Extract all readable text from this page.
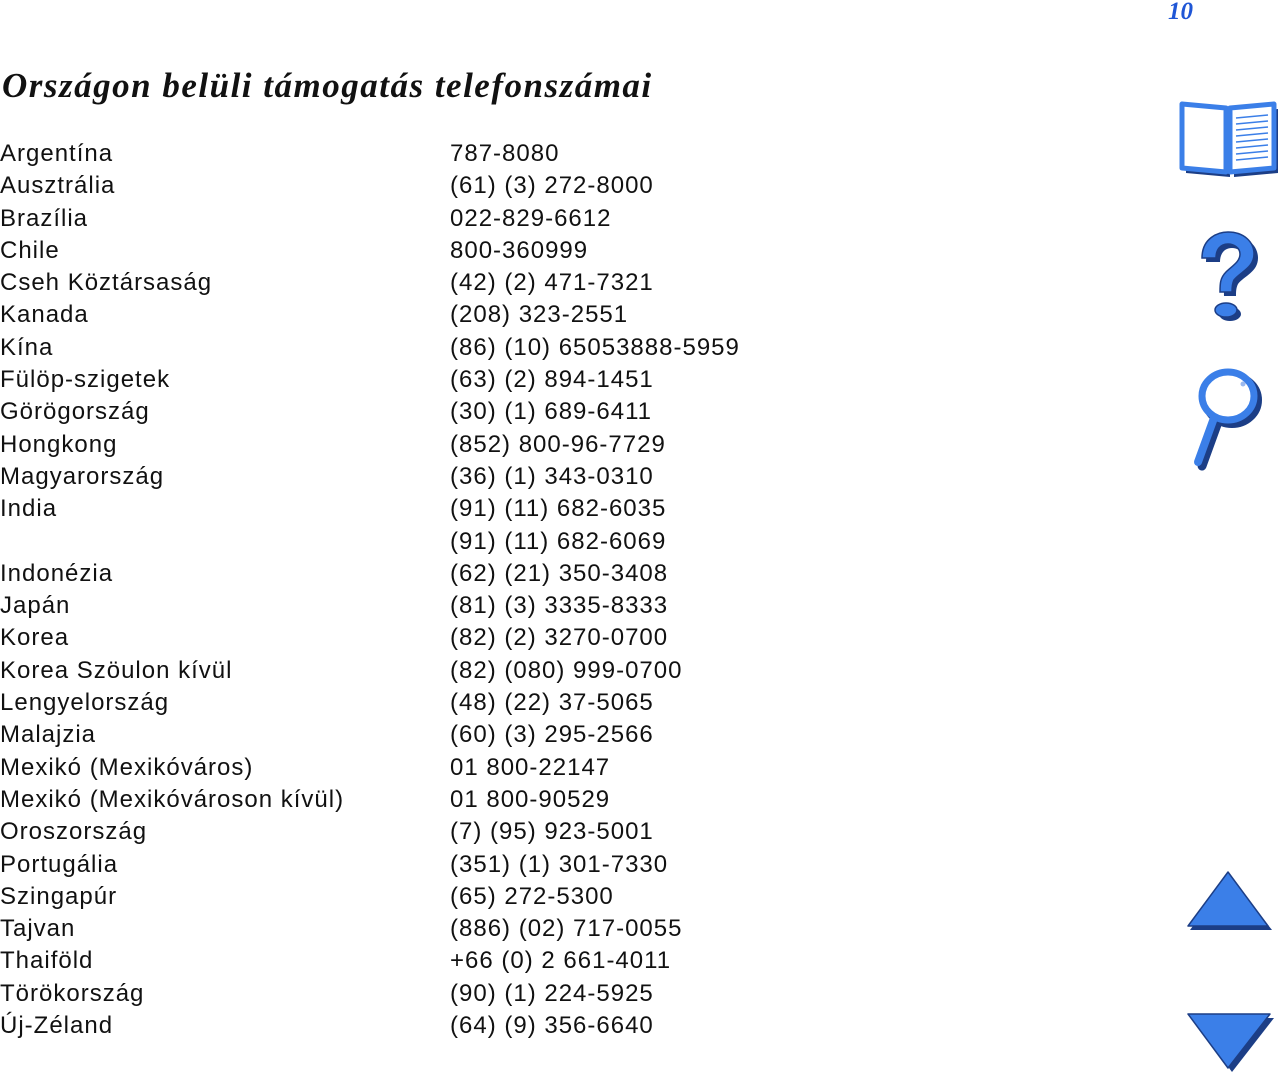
10
Országon belüli támogatás telefonszámai
Argentína	787-8080
Ausztrália	(61) (3) 272-8000
Brazília	022-829-6612
Chile	800-360999
Cseh Köztársaság	(42) (2) 471-7321
Kanada	(208) 323-2551
Kína	(86) (10) 65053888-5959
Fülöp-szigetek	(63) (2) 894-1451
Görögország	(30) (1) 689-6411
Hongkong	(852) 800-96-7729
Magyarország	(36) (1) 343-0310
India	(91) (11) 682-6035
(91) (11) 682-6069
Indonézia	(62) (21) 350-3408
Japán	(81) (3) 3335-8333
Korea	(82) (2) 3270-0700
Korea Szöulon kívül	(82) (080) 999-0700
Lengyelország	(48) (22) 37-5065
Malajzia	(60) (3) 295-2566
Mexikó (Mexikóváros)	01 800-22147
Mexikó (Mexikóvároson kívül)	01 800-90529
Oroszország	(7) (95) 923-5001
Portugália	(351) (1) 301-7330
Szingapúr	(65) 272-5300
Tajvan	(886) (02) 717-0055
Thaiföld	+66 (0) 2 661-4011
Törökország	(90) (1) 224-5925
Új-Zéland	(64) (9) 356-6640
